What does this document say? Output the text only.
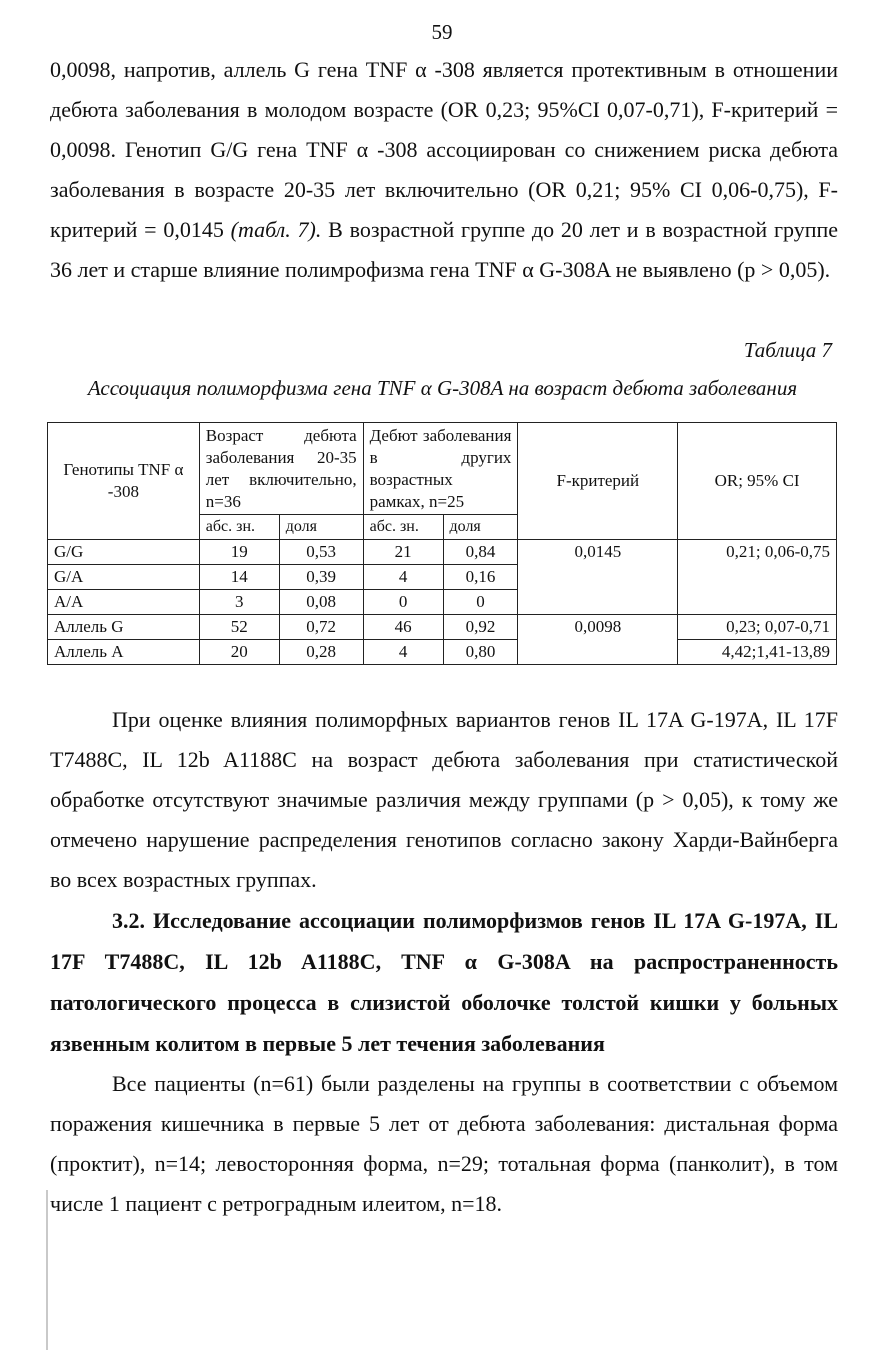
59

0,0098, напротив, аллель G гена TNF α -308 является протективным в отношении дебюта заболевания в молодом возрасте (OR 0,23; 95%CI 0,07-0,71), F-критерий = 0,0098. Генотип G/G гена TNF α -308 ассоциирован со снижением риска дебюта заболевания в возрасте 20-35 лет включительно (OR 0,21; 95% CI 0,06-0,75), F-критерий = 0,0145 (табл. 7). В возрастной группе до 20 лет и в возрастной группе 36 лет и старше влияние полимрофизма гена TNF α G-308A не выявлено (p > 0,05).

Таблица 7
Ассоциация полиморфизма гена TNF α G-308A на возраст дебюта заболевания
Генотипы TNF α -308	Возраст дебюта заболевания 20-35 лет включительно, n=36		Дебют заболевания в других возрастных рамках, n=25		F-критерий	OR; 95% CI
	абс. зн.	доля	абс. зн.	доля		
G/G	19	0,53	21	0,84	0,0145	0,21; 0,06-0,75
G/A	14	0,39	4	0,16		
A/A	3	0,08	0	0		
Аллель G	52	0,72	46	0,92	0,0098	0,23; 0,07-0,71
Аллель A	20	0,28	4	0,80		4,42;1,41-13,89

При оценке влияния полиморфных вариантов генов IL 17A G-197A, IL 17F T7488C, IL 12b A1188C на возраст дебюта заболевания при статистической обработке отсутствуют значимые различия между группами (p > 0,05), к тому же отмечено нарушение распределения генотипов согласно закону Харди-Вайнберга во всех возрастных группах.

3.2. Исследование ассоциации полиморфизмов генов IL 17A G-197A, IL 17F T7488C, IL 12b A1188C, TNF α G-308A на распространенность патологического процесса в слизистой оболочке толстой кишки у больных язвенным колитом в первые 5 лет течения заболевания

Все пациенты (n=61) были разделены на группы в соответствии с объемом поражения кишечника в первые 5 лет от дебюта заболевания: дистальная форма (проктит), n=14; левосторонняя форма, n=29; тотальная форма (панколит), в том числе 1 пациент с ретроградным илеитом, n=18.
